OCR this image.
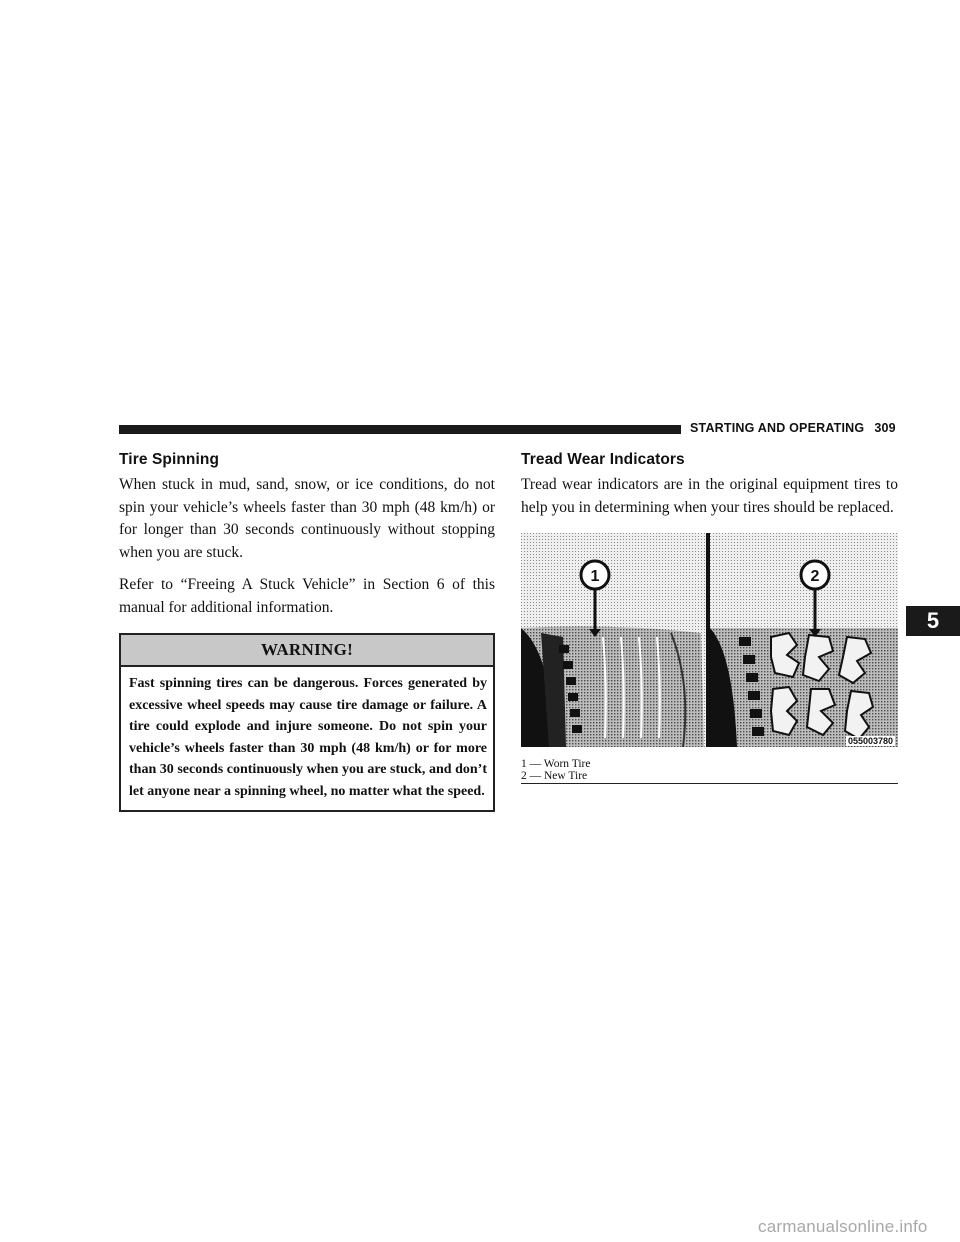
STARTING AND OPERATING 309
Tire Spinning

When stuck in mud, sand, snow, or ice conditions, do not spin your vehicle’s wheels faster than 30 mph (48 km/h) or for longer than 30 seconds continuously without stopping when you are stuck.

Refer to “Freeing A Stuck Vehicle” in Section 6 of this manual for additional information.

WARNING!
Fast spinning tires can be dangerous. Forces generated by excessive wheel speeds may cause tire damage or failure. A tire could explode and injure someone. Do not spin your vehicle’s wheels faster than 30 mph (48 km/h) or for more than 30 seconds continuously when you are stuck, and don’t let anyone near a spinning wheel, no matter what the speed.
Tread Wear Indicators

Tread wear indicators are in the original equipment tires to help you in determining when your tires should be replaced.

1	2
055003780
1 — Worn Tire
2 — New Tire
5
carmanualsonline.info
